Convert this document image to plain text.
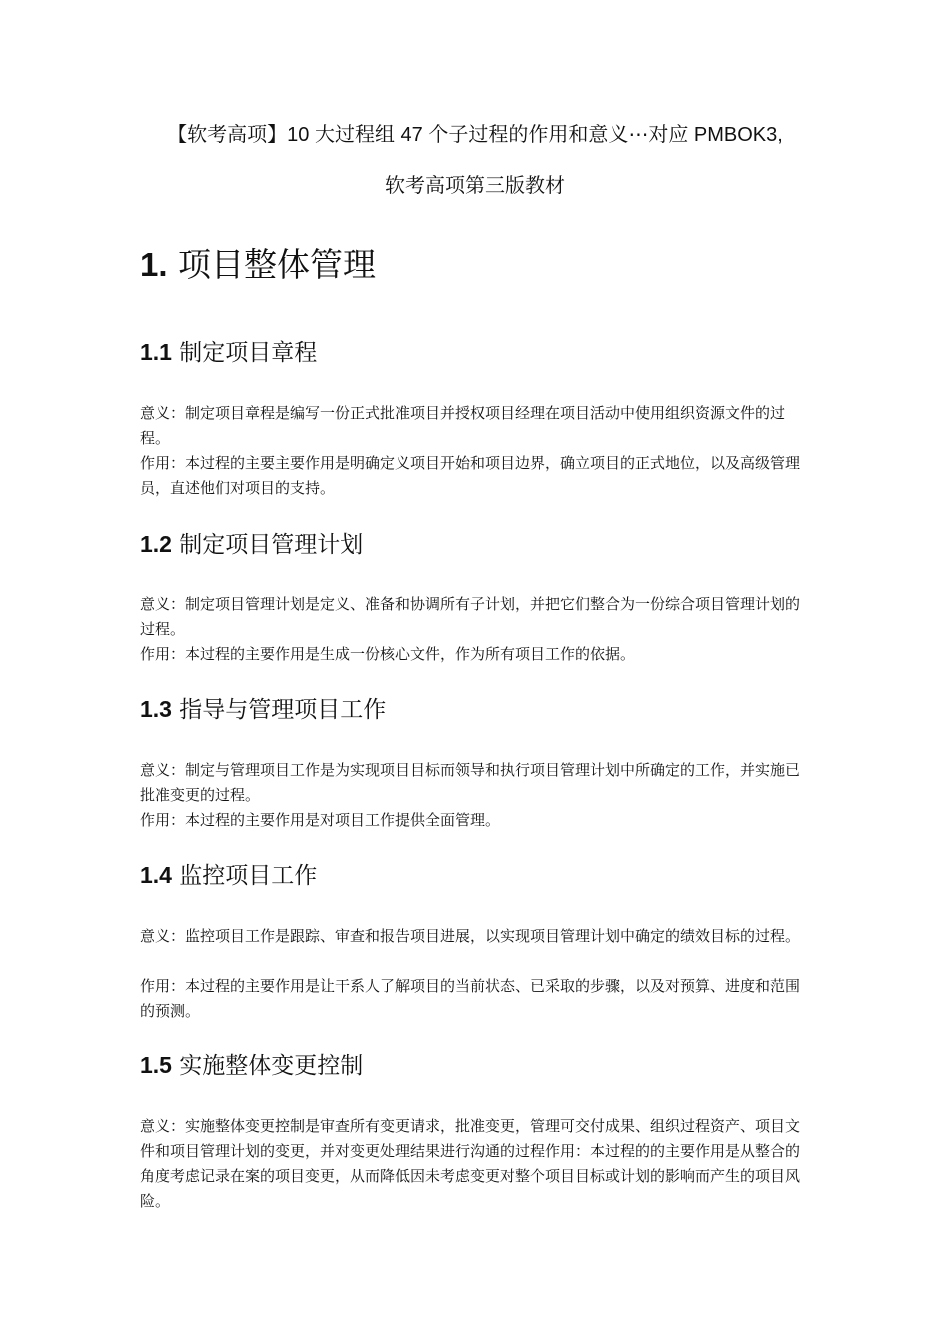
【软考高项】10 大过程组 47 个子过程的作用和意义⋯对应 PMBOK3,

软考高项第三版教材

1. 项目整体管理
1.1 制定项目章程

意义：制定项目章程是编写一份正式批准项目并授权项目经理在项目活动中使用组织资源文件的过程。

作用：本过程的主要主要作用是明确定义项目开始和项目边界，确立项目的正式地位，以及高级管理员，直述他们对项目的支持。

1.2 制定项目管理计划

意义：制定项目管理计划是定义、准备和协调所有子计划，并把它们整合为一份综合项目管理计划的过程。

作用：本过程的主要作用是生成一份核心文件，作为所有项目工作的依据。

1.3 指导与管理项目工作

意义：制定与管理项目工作是为实现项目目标而领导和执行项目管理计划中所确定的工作，并实施已批准变更的过程。

作用：本过程的主要作用是对项目工作提供全面管理。

1.4 监控项目工作

意义：监控项目工作是跟踪、审查和报告项目进展，以实现项目管理计划中确定的绩效目标的过程。

作用：本过程的主要作用是让干系人了解项目的当前状态、已采取的步骤，以及对预算、进度和范围的预测。

1.5 实施整体变更控制

意义：实施整体变更控制是审查所有变更请求，批准变更，管理可交付成果、组织过程资产、项目文件和项目管理计划的变更，并对变更处理结果进行沟通的过程作用：本过程的的主要作用是从整合的角度考虑记录在案的项目变更，从而降低因未考虑变更对整个项目目标或计划的影响而产生的项目风险。
